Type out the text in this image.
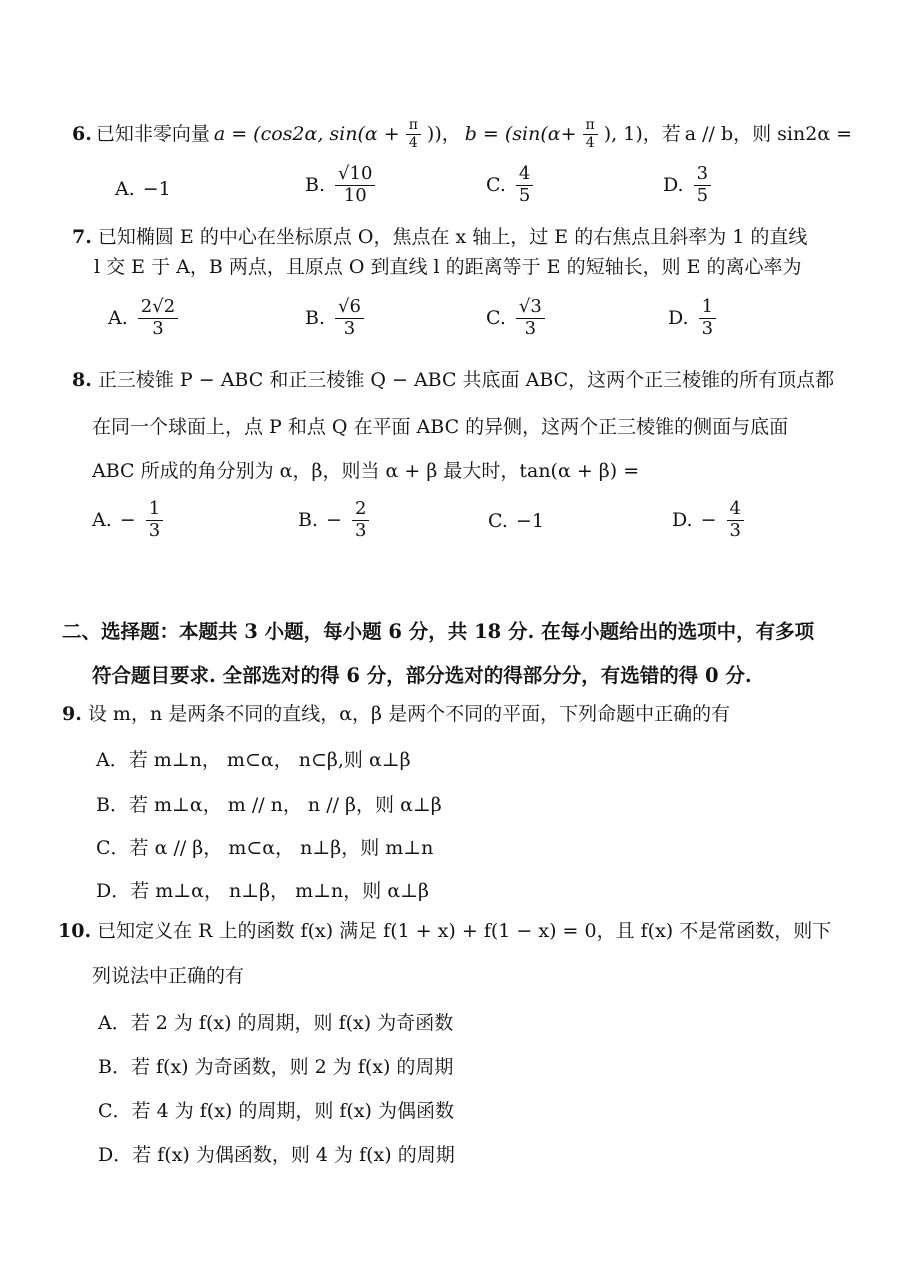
6. 已知非零向量 a = (cos2α, $\sin(\alpha + \frac{\pi}{4}$ ))， $b = (\sin(\alpha+ \frac{\pi}{4}$ ), 1)，若 a // b，则 sin2α =
A. −1	B. $\frac{√10}{10}$	C. $\frac{4}{5}$	D. $\frac{3}{5}$
7. 已知椭圆 E 的中心在坐标原点 O，焦点在 x 轴上，过 E 的右焦点且斜率为 1 的直线
l 交 E 于 A，B 两点，且原点 O 到直线 l 的距离等于 E 的短轴长，则 E 的离心率为
A. $\frac{2√2}{3}$	B. $\frac{√6}{3}$	C. $\frac{√3}{3}$	D. $\frac{1}{3}$
8. 正三棱锥 P − ABC 和正三棱锥 Q − ABC 共底面 ABC，这两个正三棱锥的所有顶点都
在同一个球面上，点 P 和点 Q 在平面 ABC 的异侧，这两个正三棱锥的侧面与底面
ABC 所成的角分别为 α，β，则当 α + β 最大时，tan(α + β) =
A. − $\frac{1}{3}$	B. − $\frac{2}{3}$	C. −1	D. − $\frac{4}{3}$
二、选择题：本题共 3 小题，每小题 6 分，共 18 分. 在每小题给出的选项中，有多项
符合题目要求. 全部选对的得 6 分，部分选对的得部分分，有选错的得 0 分.
9. 设 m，n 是两条不同的直线，α，β 是两个不同的平面，下列命题中正确的有
A．若 m⊥n， m⊂α， n⊂β,则 α⊥β
B．若 m⊥α， m // n， n // β，则 α⊥β
C．若 α // β， m⊂α， n⊥β，则 m⊥n
D．若 m⊥α， n⊥β， m⊥n，则 α⊥β
10. 已知定义在 R 上的函数 f(x) 满足 f(1 + x) + f(1 − x) = 0，且 f(x) 不是常函数，则下
列说法中正确的有
A．若 2 为 f(x) 的周期，则 f(x) 为奇函数
B．若 f(x) 为奇函数，则 2 为 f(x) 的周期
C．若 4 为 f(x) 的周期，则 f(x) 为偶函数
D．若 f(x) 为偶函数，则 4 为 f(x) 的周期
